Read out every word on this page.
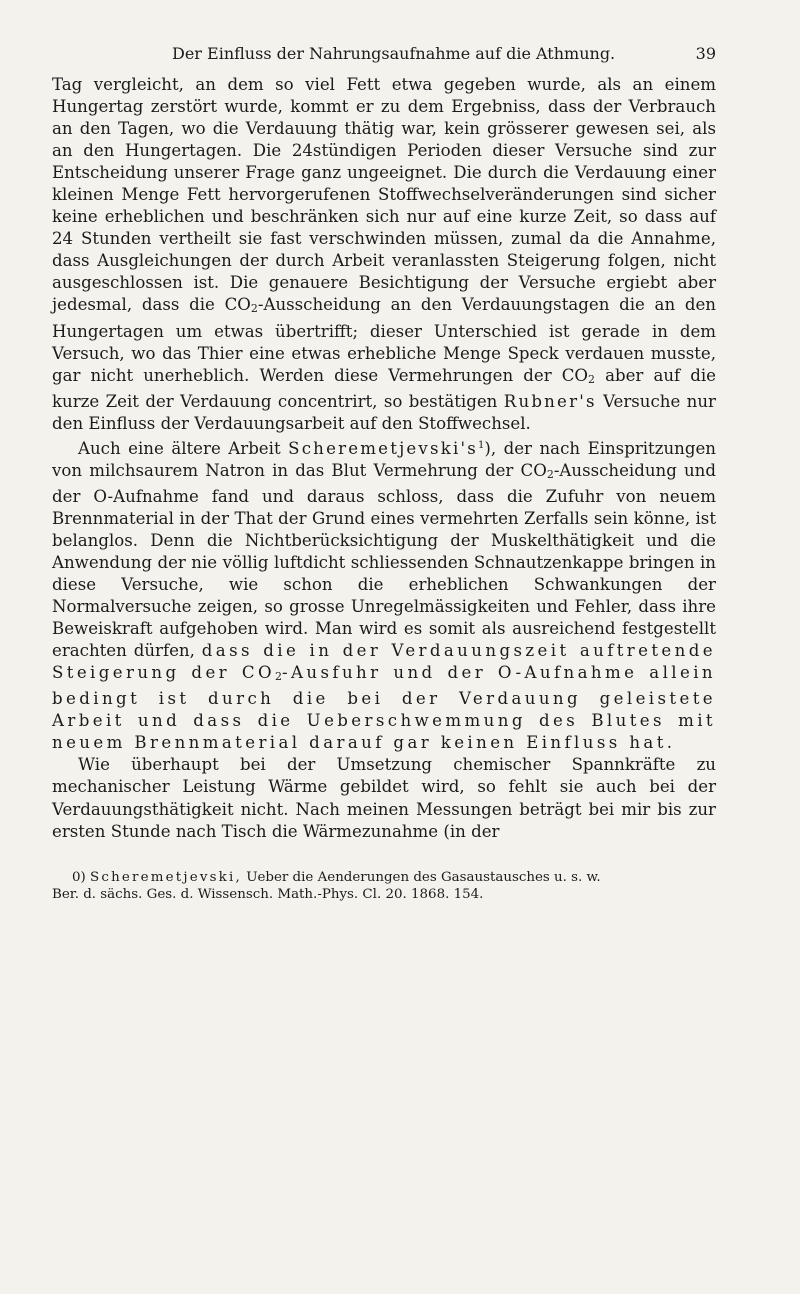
Der Einfluss der Nahrungsaufnahme auf die Athmung.	39

Tag vergleicht, an dem so viel Fett etwa gegeben wurde, als an einem Hungertag zerstört wurde, kommt er zu dem Ergebniss, dass der Verbrauch an den Tagen, wo die Verdauung thätig war, kein grösserer gewesen sei, als an den Hungertagen. Die 24stündigen Perioden dieser Versuche sind zur Entscheidung unserer Frage ganz ungeeignet. Die durch die Verdauung einer kleinen Menge Fett hervorgerufenen Stoffwechselveränderungen sind sicher keine erheblichen und beschränken sich nur auf eine kurze Zeit, so dass auf 24 Stunden vertheilt sie fast verschwinden müssen, zumal da die Annahme, dass Ausgleichungen der durch Arbeit veranlassten Steigerung folgen, nicht ausgeschlossen ist. Die genauere Besichtigung der Versuche ergiebt aber jedesmal, dass die CO2-Ausscheidung an den Verdauungstagen die an den Hungertagen um etwas übertrifft; dieser Unterschied ist gerade in dem Versuch, wo das Thier eine etwas erhebliche Menge Speck verdauen musste, gar nicht unerheblich. Werden diese Vermehrungen der CO2 aber auf die kurze Zeit der Verdauung concentrirt, so bestätigen Rubner's Versuche nur den Einfluss der Verdauungsarbeit auf den Stoffwechsel.

Auch eine ältere Arbeit $Scheremetjevski's^1$), der nach Einspritzungen von milchsaurem Natron in das Blut Vermehrung der CO2-Ausscheidung und der O-Aufnahme fand und daraus schloss, dass die Zufuhr von neuem Brennmaterial in der That der Grund eines vermehrten Zerfalls sein könne, ist belanglos. Denn die Nichtberücksichtigung der Muskelthätigkeit und die Anwendung der nie völlig luftdicht schliessenden Schnautzenkappe bringen in diese Versuche, wie schon die erheblichen Schwankungen der Normalversuche zeigen, so grosse Unregelmässigkeiten und Fehler, dass ihre Beweiskraft aufgehoben wird. Man wird es somit als ausreichend festgestellt erachten dürfen, dass die in der Verdauungszeit auftretende Steigerung der CO2-Ausfuhr und der O-Aufnahme allein bedingt ist durch die bei der Verdauung geleistete Arbeit und dass die Ueberschwemmung des Blutes mit neuem Brennmaterial darauf gar keinen Einfluss hat.

Wie überhaupt bei der Umsetzung chemischer Spannkräfte zu mechanischer Leistung Wärme gebildet wird, so fehlt sie auch bei der Verdauungsthätigkeit nicht. Nach meinen Messungen beträgt bei mir bis zur ersten Stunde nach Tisch die Wärmezunahme (in der

0) Scheremetjevski, Ueber die Aenderungen des Gasaustausches u. s. w.

Ber. d. sächs. Ges. d. Wissensch. Math.-Phys. Cl. 20. 1868. 154.
